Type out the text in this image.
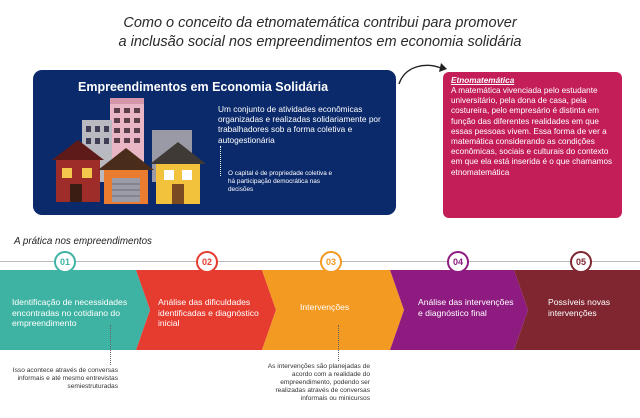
Como o conceito da etnomatemática contribui para promover
a inclusão social nos empreendimentos em economia solidária
Empreendimentos em Economia Solidária
Um conjunto de atividades econômicas organizadas e realizadas solidariamente por trabalhadores sob a forma coletiva e autogestionária
O capital é de propriedade coletiva e há participação democrática nas decisões
Etnomatemática
A matemática vivenciada pelo estudante universitário, pela dona de casa, pela costureira, pelo empresário é distinta em função das diferentes realidades em que essas pessoas vivem. Essa forma de ver a matemática considerando as condições econômicas, sociais e culturais do contexto em que ela está inserida é o que chamamos etnomatemática
A prática nos empreendimentos
01	02	03	04	05
Identificação de necessidades encontradas no cotidiano do empreendimento
Análise das dificuldades identificadas e diagnóstico inicial
Intervenções	Análise das intervenções e diagnóstico final
Possíveis novas intervenções
Isso acontece através de conversas informais e até mesmo entrevistas semiestruturadas
As intervenções são planejadas de acordo com a realidade do empreendimento, podendo ser realizadas através de conversas informais ou minicursos
